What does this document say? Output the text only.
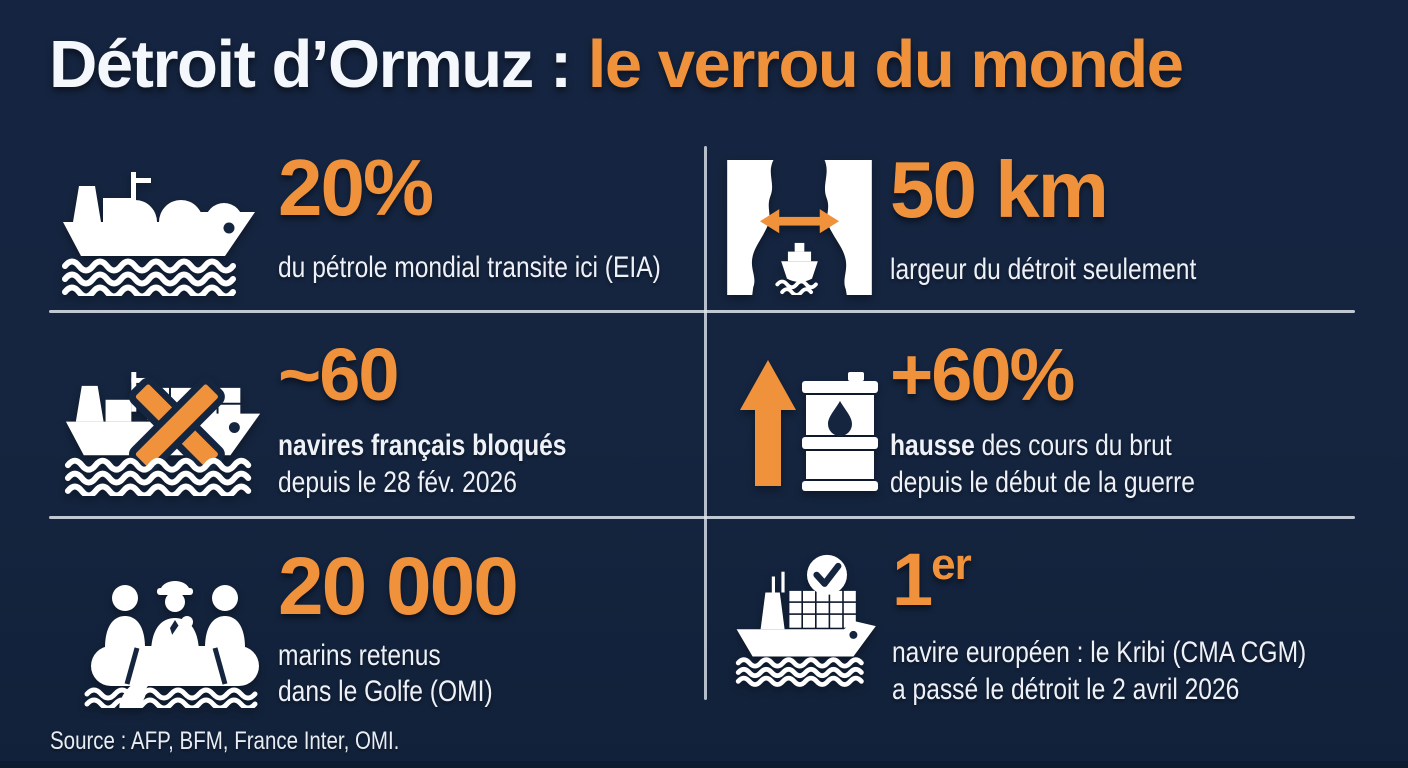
Détroit d’Ormuz : le verrou du monde
20%
du pétrole mondial transite ici (EIA)
50 km
largeur du détroit seulement
~60
navires français bloqués
depuis le 28 fév. 2026
+60%
hausse des cours du brut
depuis le début de la guerre
20 000
marins retenus
dans le Golfe (OMI)
1er
navire européen : le Kribi (CMA CGM)
a passé le détroit le 2 avril 2026
Source : AFP, BFM, France Inter, OMI.
